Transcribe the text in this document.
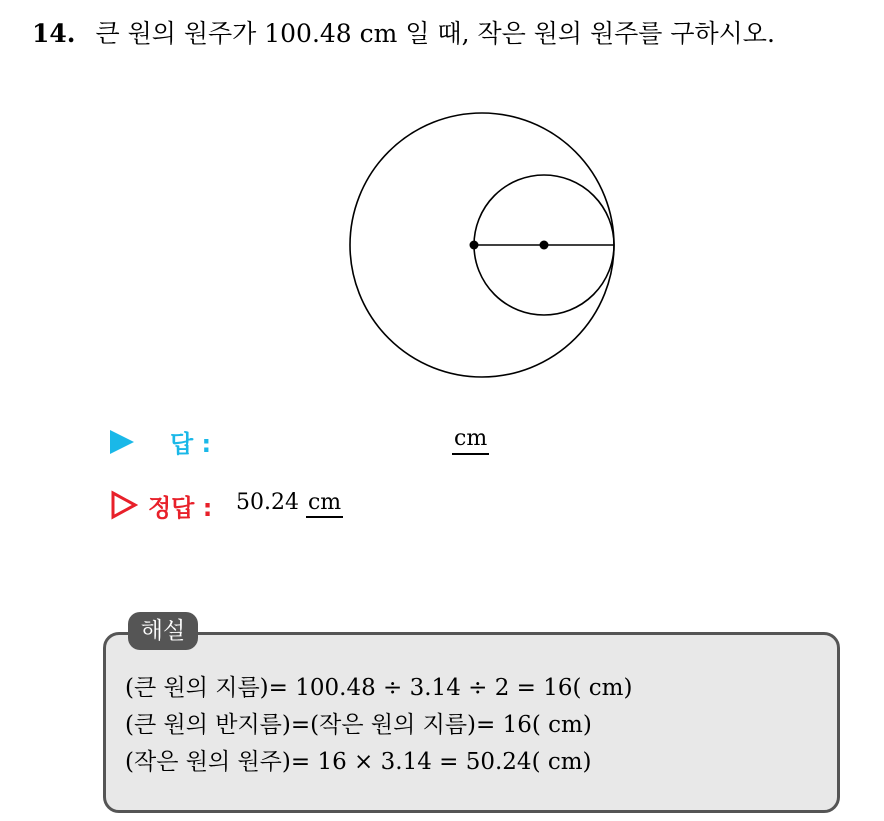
14. 큰 원의 원주가 100.48 cm 일 때, 작은 원의 원주를 구하시오.
답 :	cm
정답 : 50.24 cm
해설
(큰 원의 지름)= 100.48 ÷ 3.14 ÷ 2 = 16( cm)
(큰 원의 반지름)=(작은 원의 지름)= 16( cm)
(작은 원의 원주)= 16 × 3.14 = 50.24( cm)
